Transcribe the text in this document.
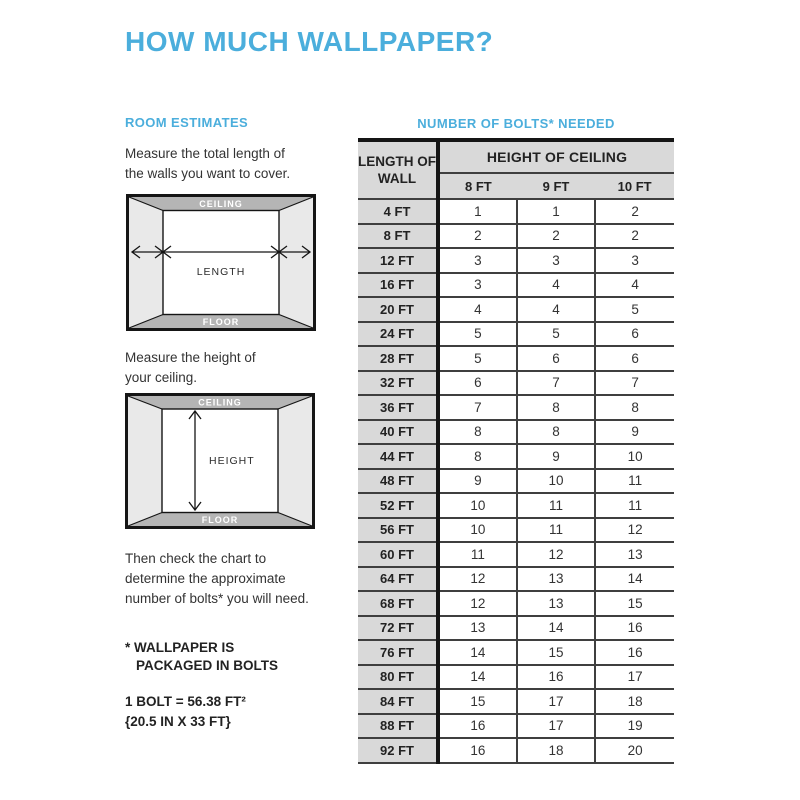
HOW MUCH WALLPAPER?
ROOM ESTIMATES
Measure the total length of
the walls you want to cover.
CEILING
FLOOR
LENGTH
Measure the height of
your ceiling.
CEILING
FLOOR
HEIGHT
Then check the chart to
determine the approximate
number of bolts* you will need.
* WALLPAPER IS
PACKAGED IN BOLTS
1 BOLT = 56.38 FT²
{20.5 IN X 33 FT}
NUMBER OF BOLTS* NEEDED
LENGTH OF WALL	HEIGHT OF CEILING		
	8 FT	9 FT	10 FT
4 FT	1	1	2
8 FT	2	2	2
12 FT	3	3	3
16 FT	3	4	4
20 FT	4	4	5
24 FT	5	5	6
28 FT	5	6	6
32 FT	6	7	7
36 FT	7	8	8
40 FT	8	8	9
44 FT	8	9	10
48 FT	9	10	11
52 FT	10	11	11
56 FT	10	11	12
60 FT	11	12	13
64 FT	12	13	14
68 FT	12	13	15
72 FT	13	14	16
76 FT	14	15	16
80 FT	14	16	17
84 FT	15	17	18
88 FT	16	17	19
92 FT	16	18	20
